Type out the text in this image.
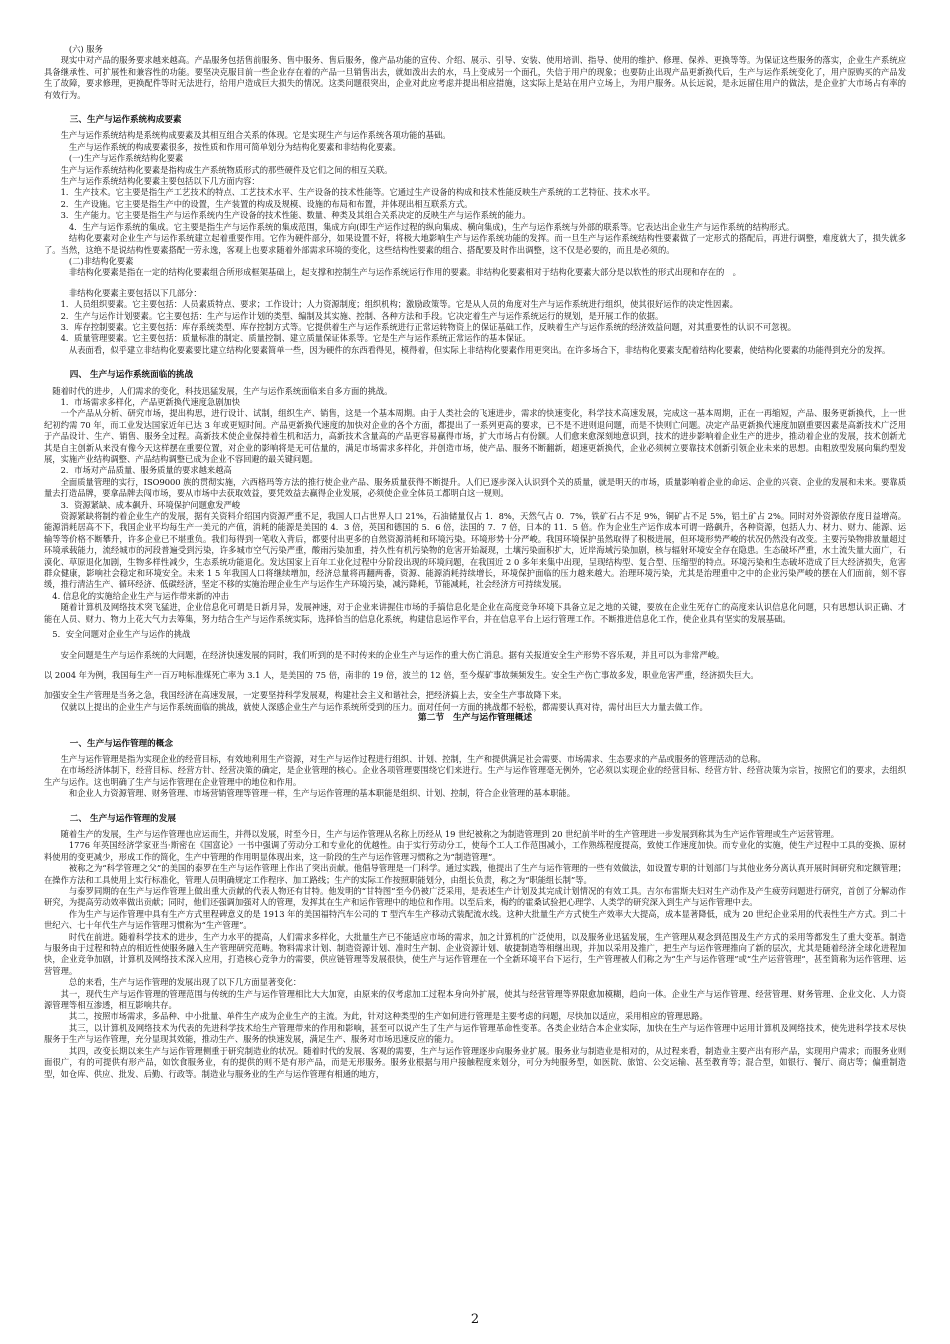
(六) 服务

现实中对产品的服务要求越来越高。产品服务包括售前服务、售中服务、售后服务，像产品功能的宣传、介绍、展示、引导、安装、使用培训、指导、使用的维护、修理、保养、更换等等。为保证这些服务的落实，企业生产系统应具备继承性、可扩展性和兼容性的功能。要坚决克服目前一些企业存在着的产品一旦销售出去，就如泼出去的水，马上变成另一个面孔，失信于用户的现象；也要防止出现产品更新换代后，生产与运作系统变化了，用户原购买的产品发生了故障，要求修理，更换配件等时无法进行，给用户造成巨大损失的情况。这类问题很突出，企业对此应考虑并提出相应措施，这实际上是站在用户立场上，为用户服务。从长远说，是永远留住用户的做法，是企业扩大市场占有率的有效行为。

三、生产与运作系统构成要素

生产与运作系统结构是系统构成要素及其相互组合关系的体现。它是实现生产与运作系统各项功能的基础。

生产与运作系统的构成要素很多，按性质和作用可简单划分为结构化要素和非结构化要素。

(一)生产与运作系统结构化要素

生产与运作系统结构化要素是指构成生产系统物质形式的那些硬件及它们之间的相互关联。

生产与运作系统结构化要素主要包括以下几方面内容：

1．生产技术。它主要是指生产工艺技术的特点、工艺技术水平、生产设备的技术性能等。它通过生产设备的构成和技术性能反映生产系统的工艺特征、技术水平。

2．生产设施。它主要是指生产中的设置，生产装置的构成及规模、设施的布局和布置，并体现出相互联系方式。

3．生产能力。它主要是指生产与运作系统内生产设备的技术性能、数量、种类及其组合关系决定的反映生产与运作系统的能力。

4．生产与运作系统的集成。它主要是指生产与运作系统的集成范围，集成方向(即生产运作过程的纵向集成、横向集成)，生产与运作系统与外部的联系等。它表达出企业生产与运作系统的结构形式。

结构化要素对企业生产与运作系统建立起着重要作用。它作为硬件部分，如果设置不好，将极大地影响生产与运作系统功能的发挥。而一旦生产与运作系统结构性要素做了一定形式的搭配后，再进行调整，难度就大了，损失就多了。当然，这绝不是说结构性要素搭配一劳永逸，客观上也要求随着外部需求环境的变化，这些结构性要素的组合、搭配要及时作出调整，这不仅是必要的，而且是必须的。

(二)非结构化要素

非结构化要素是指在一定的结构化要素组合所形成框架基础上，起支撑和控制生产与运作系统运行作用的要素。非结构化要素相对于结构化要素大部分是以软性的形式出现和存在的　。

非结构化要素主要包括以下几部分：

1．人员组织要素。它主要包括：人员素质特点、要求；工作设计；人力资源制度；组织机构；激励政策等。它是从人员的角度对生产与运作系统进行组织，使其很好运作的决定性因素。

2．生产与运作计划要素。它主要包括：生产与运作计划的类型、编制及其实施、控制、各种方法和手段。它决定着生产与运作系统运行的规划，是开展工作的依据。

3．库存控制要素。它主要包括：库存系统类型、库存控制方式等。它提供着生产与运作系统进行正常运转物资上的保证基础工作，反映着生产与运作系统的经济效益问题，对其重要性的认识不可忽视。

4．质量管理要素。它主要包括：质量标准的制定、质量控制、建立质量保证体系等。它是生产与运作系统正常运作的基本保证。

从表面看，似乎建立非结构化要素要比建立结构化要素简单一些，因为硬件的东西看得见，模得着，但实际上非结构化要素作用更突出。在许多场合下，非结构化要素支配着结构化要素，使结构化要素的功能得到充分的发挥。

四、 生产与运作系统面临的挑战

随着时代的进步，人们需求的变化，科技迅猛发展，生产与运作系统面临来自多方面的挑战。

1．市场需求多样化，产品更新换代速度急剧加快

一个产品从分析、研究市场，提出构思，进行设计、试制，组织生产、销售，这是一个基本周期。由于人类社会的飞速进步，需求的快速变化，科学技术高速发展，完成这一基本周期，正在一再缩短，产品、服务更新换代，上一世纪初约需 70 年，而工业发达国家近年已达 3 年或更短时间。产品更新换代速度的加快对企业的各个方面，都提出了一系列更高的要求，已不是不进则退问题，而是不快则亡问题。决定产品更新换代速度加剧重要因素是高新技术广泛用于产品设计、生产、销售、服务全过程。高新技术使企业保持着生机和活力，高新技术含量高的产品更容易赢得市场，扩大市场占有份额。人们愈来愈深刻地意识到，技术的进步影响着企业生产的进步，推动着企业的发展，技术创新尤其是自主创新从来没有像今天这样摆在重要位置，对企业的影响将是无可估量的，满足市场需求多样化，并创造市场，使产品、服务不断翻新，超速更新换代，企业必须树立要靠技术创新引领企业未来的思想。由粗放型发展向集约型发展，实施产业结构调整、产品结构调整已成为企业不容回避的最关键问题。

2．市场对产品质量、服务质量的要求越来越高

全面质量管理的实行，ISO9000 族的贯彻实施，六西格玛等方法的推行使企业产品、服务质量获得不断提升。人们已逐步深入认识到个关的质量，就是明天的市场，质量影响着企业的命运、企业的兴衰、企业的发展和未来。要靠质量去打造品牌，要拿品牌去闯市场，要从市场中去获取效益，要凭效益去赢得企业发展，必须使企业全体员工都明白这一规则。

3．资源紧缺、成本飙升、环境保护问题愈发严峻

资源紧缺将制约着企业生产的发展，据有关资料介绍国内资源严重不足，我国人口占世界人口 21%，石油储量仅占 1．8%，天然气占 0．7%，铁矿石占不足 9%，铜矿占不足 5%，铝土矿占 2%。同时对外资源依存度日益增高。能源消耗居高不下，我国企业平均每生产一美元的产值，消耗的能源是美国的 4．3 倍，英国和德国的 5．6 倍，法国的 7．7 倍，日本的 11．5 倍。作为企业生产运作成本可谓一路飙升，各种资源，包括人力、材力、财力、能源、运输等等价格不断攀升，许多企业已不堪重负。我们每得到一笔收入背后，都要付出更多的自然资源消耗和环境污染。环境形势十分严峻。我国环境保护虽然取得了积极进展，但环境形势严峻的状况仍然没有改变。主要污染物排放量超过环境承载能力，流经城市的河段普遍受到污染，许多城市空气污染严重，酸雨污染加重，持久性有机污染物的危害开始凝现，土壤污染面积扩大，近岸海域污染加剧，核与辐射环境安全存在隐患。生态破坏严重，水土流失量大面广，石漠化、草原退化加剧，生物多样性减少，生态系统功能退化。发达国家上百年工业化过程中分阶段出现的环境问题，在我国近 2 0 多年来集中出现，呈现结构型、复合型、压缩型的特点。环境污染和生态破坏造成了巨大经济损失，危害群众健康，影响社会稳定和环境安全。未来 1 5 年我国人口将继续增加，经济总量将再翻两番，资源、能源消耗持续增长，环境保护面临的压力越来越大。治理环境污染，尤其是治理重中之中的企业污染严峻的摆在人们面前，刻不容缓，推行清洁生产、循环经济、低碳经济，坚定不移的实施治理企业生产与运作生产环境污染，减污降耗，节能减耗，社会经济方可持续发展。

4. 信息化的实施给企业生产与运作带来新的冲击

随着计算机及网络技术突飞猛进，企业信息化可谓是日新月异，发展神速，对于企业来讲握住市场的手搞信息化是企业在高度竞争环境下具备立足之地的关键，要放在企业生死存亡的高度来认识信息化问题，只有思想认识正确、才能在人员、财力、物力上花大气力去筹集，努力结合生产与运作系统实际，选择恰当的信息化系统，构建信息运作平台，并在信息平台上运行管理工作。不断推进信息化工作，使企业具有坚实的发展基础。

5．安全问题对企业生产与运作的挑战

安全问题是生产与运作系统的大问题，在经济快速发展的同时，我们听到的是不时传来的企业生产与运作的重大伤亡消息。据有关报道安全生产形势不容乐观，并且可以为非常严峻。

以 2004 年为例，我国每生产一百万吨标准煤死亡率为 3.1 人，是美国的 75 倍，南非的 19 倍，波兰的 12 倍，至今煤矿事故频频发生。安全生产伤亡事故多发，职业危害严重，经济损失巨大。

加强安全生产管理是当务之急，我国经济在高速发展，一定要坚持科学发展观，构建社会主义和谐社会，把经济搞上去，安全生产事故降下来。

仅就以上提出的企业生产与运作系统面临的挑战，就使人深感企业生产与运作系统所受到的压力。面对任何一方面的挑战都不轻松，都需要认真对待，需付出巨大力量去做工作。

第二节　生产与运作管理概述

一、生产与运作管理的概念

生产与运作管理是指为实现企业的经营目标，有效地利用生产资源，对生产与运作过程进行组织、计划、控制，生产和提供满足社会需要、市场需求、生态要求的产品或服务的管理活动的总称。

在市场经济体制下，经营目标、经营方针、经营决策的确定，是企业管理的核心。企业各项管理要围绕它们来进行。生产与运作管理毫无例外，它必须以实现企业的经营目标、经营方针、经营决策为宗旨，按照它们的要求，去组织生产与运作。这也明确了生产与运作管理在企业管理中的地位和作用。

和企业人力资源管理、财务管理、市场营销管理等管理一样，生产与运作管理的基本职能是组织、计划、控制，符合企业管理的基本职能。

二、 生产与运作管理的发展

随着生产的发展，生产与运作管理也应运而生，并得以发展，时至今日，生产与运作管理从名称上历经从 19 世纪被称之为制造管理到 20 世纪前半叶的生产管理进一步发展到称其为生产运作管理或生产运营管理。

1776 年英国经济学家亚当·斯密在《国富论》一书中强调了劳动分工和专业化的优越性。由于实行劳动分工，使每个工人工作范围减小，工作熟练程度提高，致使工作速度加快。而专业化的实施，使生产过程中工具的变换、原材料使用的变更减少，形成工作的简化，生产中管理的作用明显体现出来，这一阶段的生产与运作管理习惯称之为“制造管理”。

被称之为“科学管理之父”的美国的泰罗在生产与运作管理上作出了突出贡献。他倡导管理是一门科学。通过实践，他提出了生产与运作管理的一些有效做法，如设置专职的计划部门与其他业务分离认真开展时间研究和定额管理；在操作方法和工具使用上实行标准化，管理人员明确规定工作程序、加工路线；生产的实际工作按照职能划分，由组长负责，称之为“职能组长制”等。

与泰罗同期的在生产与运作管理上做出重大贡献的代表人物还有甘特。他发明的“甘特图”至今仍被广泛采用，是表述生产计划及其完成计划情况的有效工具。吉尔布雷斯夫妇对生产动作及产生疲劳问题进行研究，首创了分解动作研究，为提高劳动效率做出贡献；同时，他们还强调加强对人的管理，发挥其在生产和运作管理中的地位和作用。以至后来，梅约的霍桑试验把心理学、人类学的研究深入到生产与运作管理中去。

作为生产与运作管理中具有生产方式里程碑意义的是 1913 年的美国福特汽车公司的 T 型汽车生产移动式装配流水线。这种大批量生产方式使生产效率大大提高，成本显著降低，成为 20 世纪企业采用的代表性生产方式。到二十世纪六、七十年代生产与运作管理习惯称为“生产管理”。

时代在前进。随着科学技术的进步，生产力水平的提高，人们需求多样化，大批量生产已不能适应市场的需求，加之计算机的广泛使用，以及服务业迅猛发展，生产管理从观念到范围及生产方式的采用等都发生了重大变革。制造与服务由于过程和特点的相近性使服务融入生产管理研究范畴。物料需求计划、制造资源计划、准时生产制、企业资源计划、敏捷制造等相继出现，并加以采用及推广，把生产与运作管理推向了新的层次，尤其是随着经济全球化进程加快，企业竞争加剧，计算机及网络技术深入应用，打造核心竞争力的需要，供应链管理等发展很快，使生产与运作管理在一个全新环境平台下运行，生产管理被人们称之为“生产与运作管理”或“生产运营管理”，甚至简称为运作管理、运营管理。

总的来看，生产与运作管理的发展出现了以下几方面显著变化：

其一，现代生产与运作管理的管理范围与传统的生产与运作管理相比大大加宽，由原来的仅考虑加工过程本身向外扩展，使其与经营管理等界限愈加模糊，趋向一体。企业生产与运作管理、经营管理、财务管理、企业文化、人力资源管理等相互渗透，相互影响共存。

其二，按照市场需求，多品种、中小批量、单件生产成为企业生产的主流。为此，针对这种类型的生产如何进行管理是主要考虑的问题，尽快加以适应，采用相应的管理思路。

其三，以计算机及网络技术为代表的先进科学技术给生产管理带来的作用和影响，甚至可以说产生了生产与运作管理革命性变革。各类企业结合本企业实际，加快在生产与运作管理中运用计算机及网络技术，使先进科学技术尽快服务于生产与运作管理，充分显现其效能，推动生产、服务的快速发展，满足生产、服务对市场迅速反应的能力。

其四，改变长期以来生产与运作管理侧重于研究制造业的状况。随着时代的发展、客观的需要，生产与运作管理逐步向服务业扩展。服务业与制造业是相对的，从过程来看，制造业主要产出有形产品，实现用户需求；而服务业则面很广，有的可提供有形产品，如饮食服务业，有的提供的则不是有形产品，而是无形服务。服务业根据与用户接触程度来划分，可分为纯服务型，如医院、旅馆、公交运输、甚至教育等；混合型，如银行、餐厅、商店等；偏重制造型，如仓库、供应、批发、后勤、行政等。制造业与服务业的生产与运作管理有相通的地方，

2
